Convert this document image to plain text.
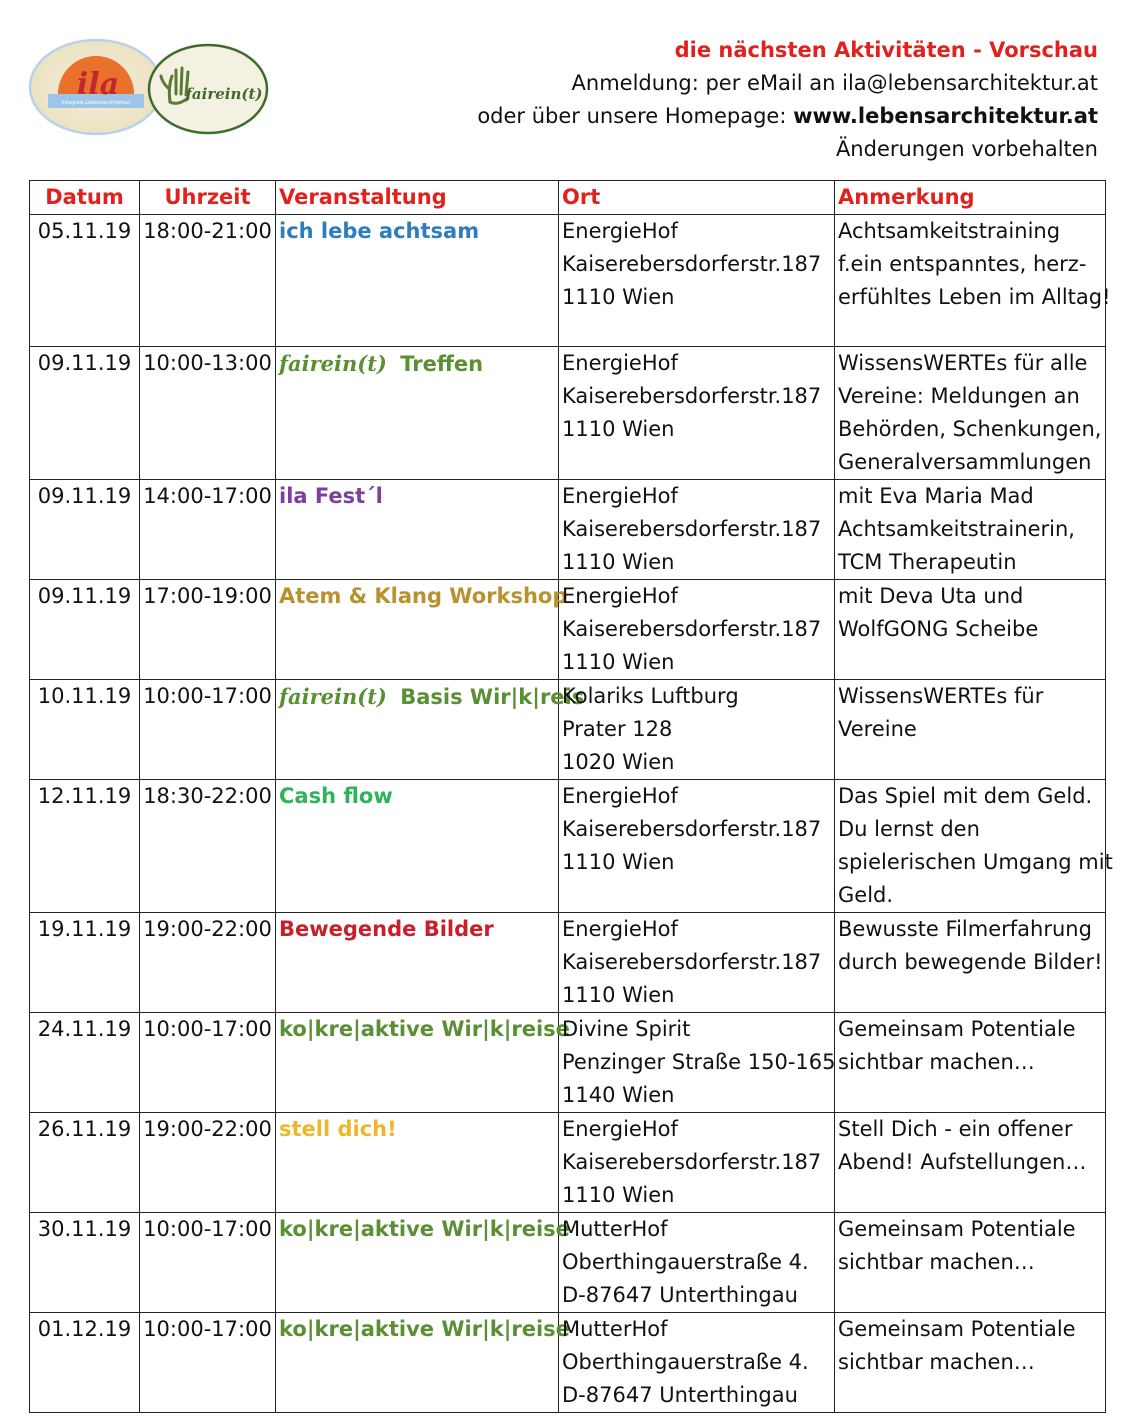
ila
Integrale Lebensarchitektur	fairein(t)
die nächsten Aktivitäten - Vorschau
Anmeldung: per eMail an ila@lebensarchitektur.at
oder über unsere Homepage: www.lebensarchitektur.at
Änderungen vorbehalten
Datum	Uhrzeit	Veranstaltung	Ort	Anmerkung
05.11.19	18:00-21:00	ich lebe achtsam	EnergieHof
Kaiserebersdorferstr.187
1110 Wien	Achtsamkeitstraining
f.ein entspanntes, herz-
erfühltes Leben im Alltag!

09.11.19	10:00-13:00	fairein(t) Treffen	EnergieHof
Kaiserebersdorferstr.187
1110 Wien	WissensWERTEs für alle
Vereine: Meldungen an
Behörden, Schenkungen,
Generalversammlungen

09.11.19	14:00-17:00	ila Fest´l	EnergieHof
Kaiserebersdorferstr.187
1110 Wien	mit Eva Maria Mad
Achtsamkeitstrainerin,
TCM Therapeutin

09.11.19	17:00-19:00	Atem & Klang Workshop	EnergieHof
Kaiserebersdorferstr.187
1110 Wien	mit Deva Uta und
WolfGONG Scheibe

10.11.19	10:00-17:00	fairein(t) Basis Wir|k|reis	Kolariks Luftburg
Prater 128
1020 Wien	WissensWERTEs für
Vereine

12.11.19	18:30-22:00	Cash flow	EnergieHof
Kaiserebersdorferstr.187
1110 Wien	Das Spiel mit dem Geld.
Du lernst den
spielerischen Umgang mit
Geld.

19.11.19	19:00-22:00	Bewegende Bilder	EnergieHof
Kaiserebersdorferstr.187
1110 Wien	Bewusste Filmerfahrung
durch bewegende Bilder!

24.11.19	10:00-17:00	ko|kre|aktive Wir|k|reise	Divine Spirit
Penzinger Straße 150-165
1140 Wien	Gemeinsam Potentiale
sichtbar machen…

26.11.19	19:00-22:00	stell dich!	EnergieHof
Kaiserebersdorferstr.187
1110 Wien	Stell Dich - ein offener
Abend! Aufstellungen…

30.11.19	10:00-17:00	ko|kre|aktive Wir|k|reise	MutterHof
Oberthingauerstraße 4.
D-87647 Unterthingau	Gemeinsam Potentiale
sichtbar machen…

01.12.19	10:00-17:00	ko|kre|aktive Wir|k|reise	MutterHof
Oberthingauerstraße 4.
D-87647 Unterthingau	Gemeinsam Potentiale
sichtbar machen…
